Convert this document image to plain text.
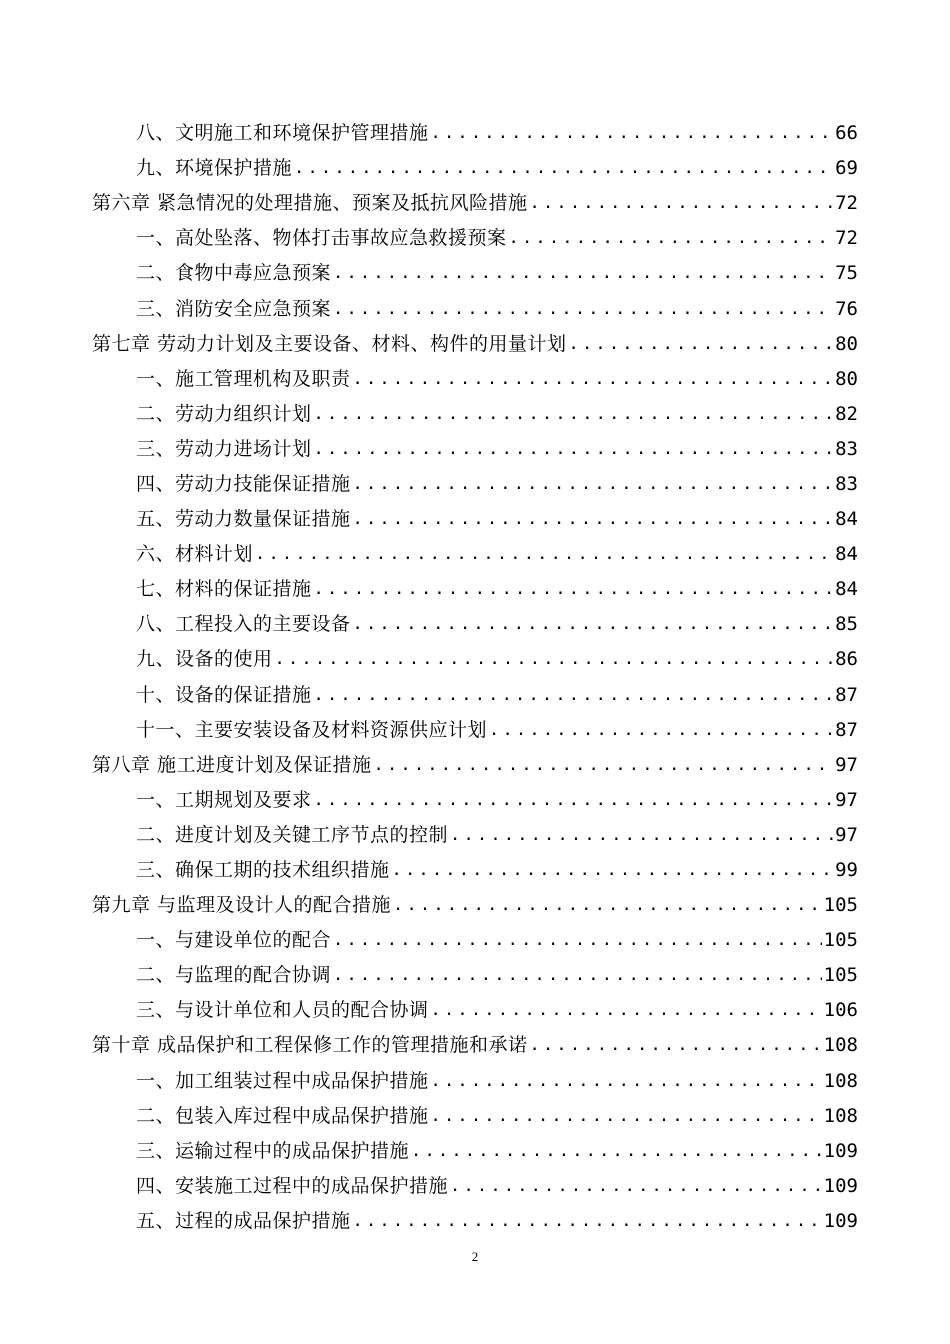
八、文明施工和环境保护管理措施 .....	66
九、环境保护措施 .....	69
第六章 紧急情况的处理措施、预案及抵抗风险措施 .....	72
一、高处坠落、物体打击事故应急救援预案 .....	72
二、食物中毒应急预案 .....	75
三、消防安全应急预案 .....	76
第七章 劳动力计划及主要设备、材料、构件的用量计划 .....	80
一、施工管理机构及职责 .....	80
二、劳动力组织计划 .....	82
三、劳动力进场计划 .....	83
四、劳动力技能保证措施 .....	83
五、劳动力数量保证措施 .....	84
六、材料计划 .....	84
七、材料的保证措施 .....	84
八、工程投入的主要设备 .....	85
九、设备的使用 .....	86
十、设备的保证措施 .....	87
十一、主要安装设备及材料资源供应计划 .....	87
第八章 施工进度计划及保证措施 .....	97
一、工期规划及要求 .....	97
二、进度计划及关键工序节点的控制 .....	97
三、确保工期的技术组织措施 .....	99
第九章 与监理及设计人的配合措施 .....	105
一、与建设单位的配合 .....	105
二、与监理的配合协调 .....	105
三、与设计单位和人员的配合协调 .....	106
第十章 成品保护和工程保修工作的管理措施和承诺 .....	108
一、加工组装过程中成品保护措施 .....	108
二、包装入库过程中成品保护措施 .....	108
三、运输过程中的成品保护措施 .....	109
四、安装施工过程中的成品保护措施 .....	109
五、过程的成品保护措施 .....	109
2
